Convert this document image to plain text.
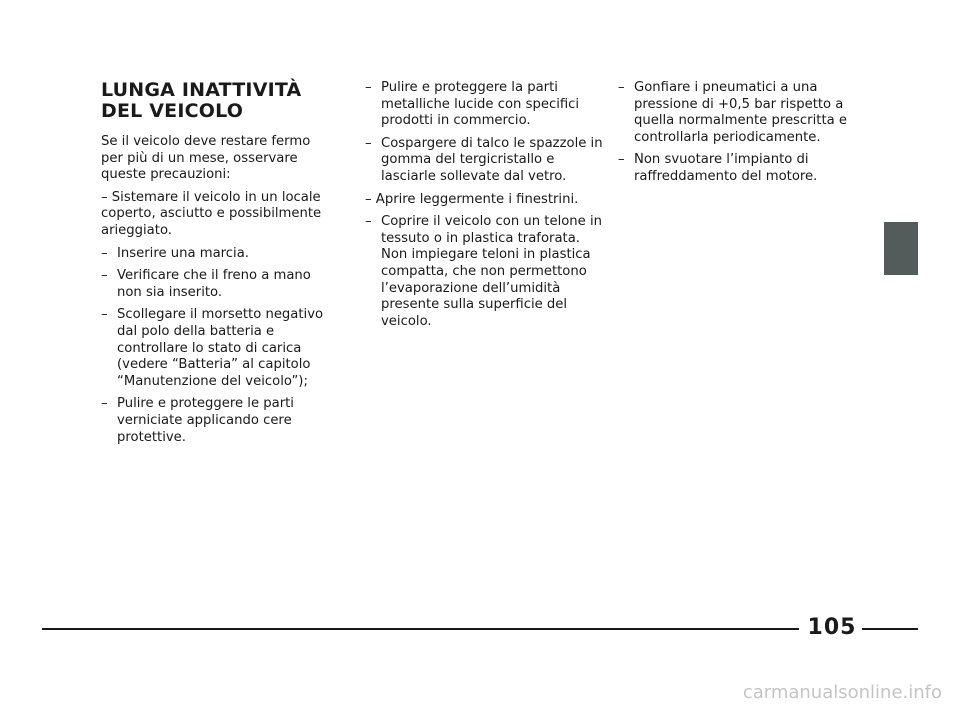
LUNGA INATTIVITÀ
DEL VEICOLO

Se il veicolo deve restare fermo per più di un mese, osservare queste precauzioni:

– Sistemare il veicolo in un locale coperto, asciutto e possibilmente arieggiato.
– Inserire una marcia.
– Verificare che il freno a mano non sia inserito.
– Scollegare il morsetto negativo dal polo della batteria e controllare lo stato di carica (vedere “Batteria” al capitolo “Manutenzione del veicolo”);
– Pulire e proteggere le parti verniciate applicando cere protettive.
– Pulire e proteggere la parti metalliche lucide con specifici prodotti in commercio.
– Cospargere di talco le spazzole in gomma del tergicristallo e lasciarle sollevate dal vetro.
– Aprire leggermente i finestrini.
– Coprire il veicolo con un telone in tessuto o in plastica traforata. Non impiegare teloni in plastica compatta, che non permettono l’evaporazione dell’umidità presente sulla superficie del veicolo.
– Gonfiare i pneumatici a una pressione di +0,5 bar rispetto a quella normalmente prescritta e controllarla periodicamente.
– Non svuotare l’impianto di raffreddamento del motore.
105
carmanualsonline.info
